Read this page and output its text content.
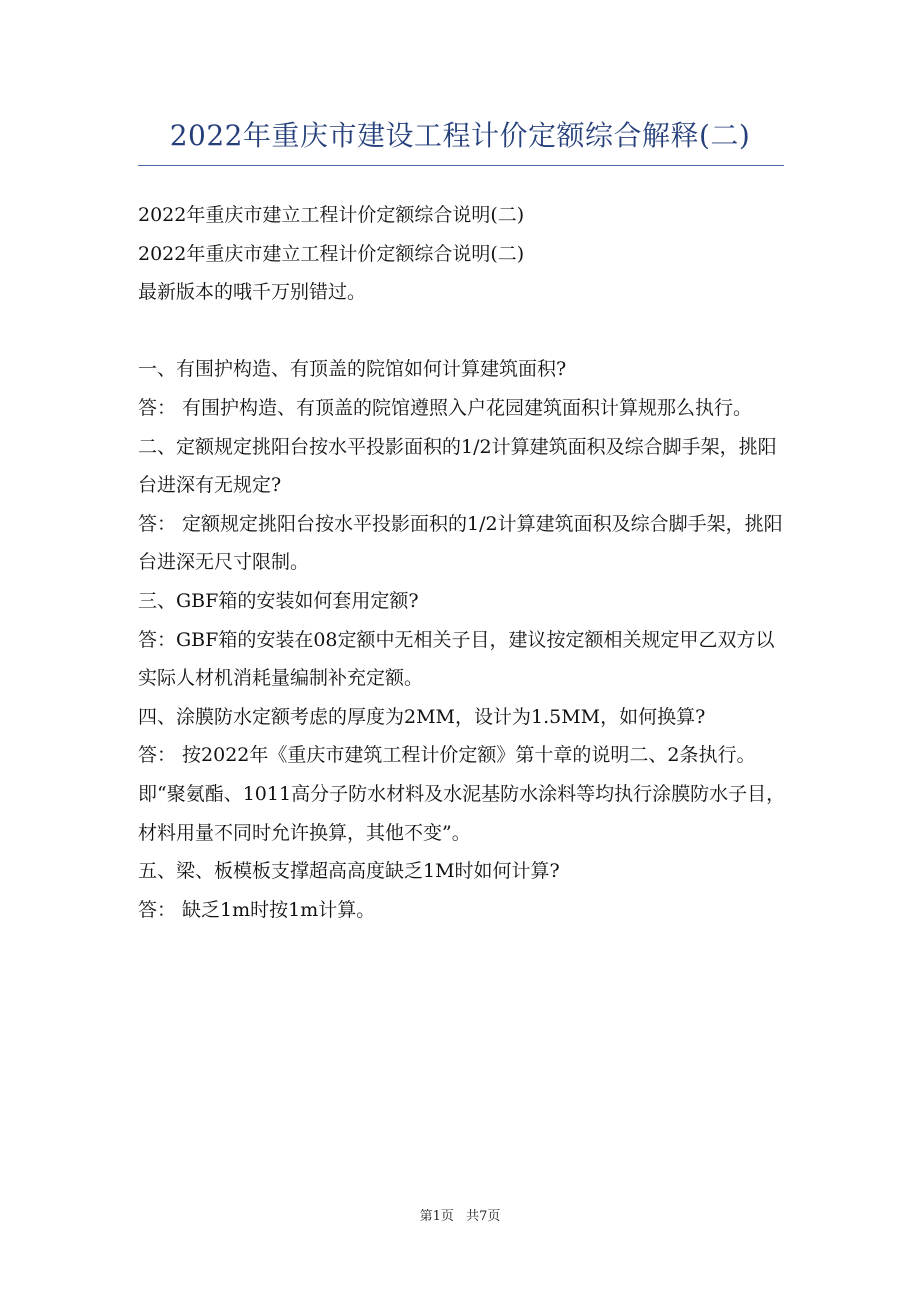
2022年重庆市建设工程计价定额综合解释(二)

2022年重庆市建立工程计价定额综合说明(二)

2022年重庆市建立工程计价定额综合说明(二)

最新版本的哦千万别错过。

一、有围护构造、有顶盖的院馆如何计算建筑面积?

答： 有围护构造、有顶盖的院馆遵照入户花园建筑面积计算规那么执行。

二、定额规定挑阳台按水平投影面积的1/2计算建筑面积及综合脚手架，挑阳台进深有无规定?

答： 定额规定挑阳台按水平投影面积的1/2计算建筑面积及综合脚手架，挑阳台进深无尺寸限制。

三、GBF箱的安装如何套用定额?

答：GBF箱的安装在08定额中无相关子目，建议按定额相关规定甲乙双方以实际人材机消耗量编制补充定额。

四、涂膜防水定额考虑的厚度为2MM，设计为1.5MM，如何换算?

答： 按2022年《重庆市建筑工程计价定额》第十章的说明二、2条执行。即“聚氨酯、1011高分子防水材料及水泥基防水涂料等均执行涂膜防水子目，材料用量不同时允许换算，其他不变”。

五、梁、板模板支撑超高高度缺乏1M时如何计算?

答： 缺乏1m时按1m计算。

第1页 共7页
